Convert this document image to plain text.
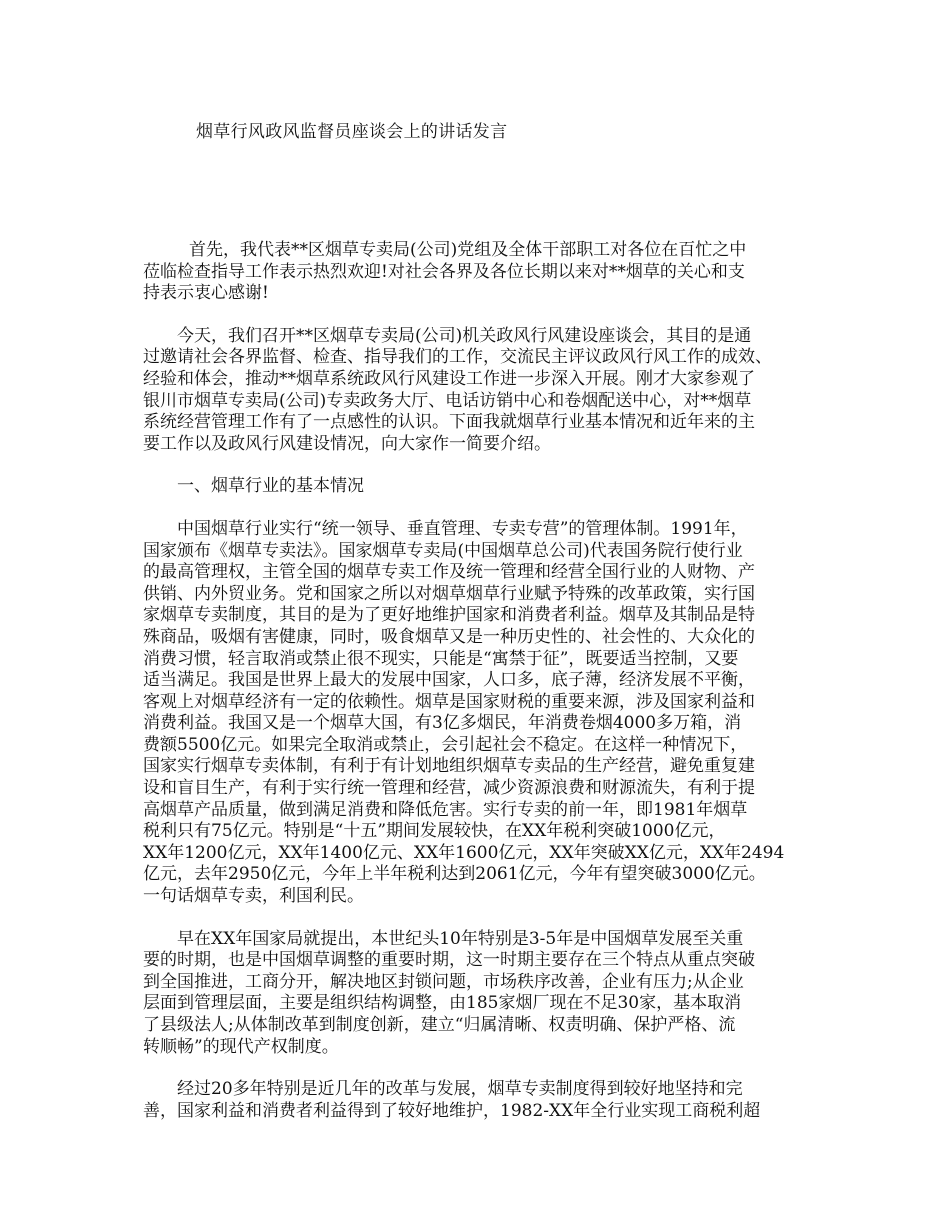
烟草行风政风监督员座谈会上的讲话发言

首先，我代表**区烟草专卖局(公司)党组及全体干部职工对各位在百忙之中
莅临检查指导工作表示热烈欢迎!对社会各界及各位长期以来对**烟草的关心和支
持表示衷心感谢!

今天，我们召开**区烟草专卖局(公司)机关政风行风建设座谈会，其目的是通
过邀请社会各界监督、检查、指导我们的工作，交流民主评议政风行风工作的成效、
经验和体会，推动**烟草系统政风行风建设工作进一步深入开展。刚才大家参观了
银川市烟草专卖局(公司)专卖政务大厅、电话访销中心和卷烟配送中心，对**烟草
系统经营管理工作有了一点感性的认识。下面我就烟草行业基本情况和近年来的主
要工作以及政风行风建设情况，向大家作一简要介绍。

一、烟草行业的基本情况

中国烟草行业实行“统一领导、垂直管理、专卖专营”的管理体制。1991年，
国家颁布《烟草专卖法》。国家烟草专卖局(中国烟草总公司)代表国务院行使行业
的最高管理权，主管全国的烟草专卖工作及统一管理和经营全国行业的人财物、产
供销、内外贸业务。党和国家之所以对烟草烟草行业赋予特殊的改革政策，实行国
家烟草专卖制度，其目的是为了更好地维护国家和消费者利益。烟草及其制品是特
殊商品，吸烟有害健康，同时，吸食烟草又是一种历史性的、社会性的、大众化的
消费习惯，轻言取消或禁止很不现实，只能是“寓禁于征”，既要适当控制，又要
适当满足。我国是世界上最大的发展中国家，人口多，底子薄，经济发展不平衡，
客观上对烟草经济有一定的依赖性。烟草是国家财税的重要来源，涉及国家利益和
消费利益。我国又是一个烟草大国，有3亿多烟民，年消费卷烟4000多万箱，消
费额5500亿元。如果完全取消或禁止，会引起社会不稳定。在这样一种情况下，
国家实行烟草专卖体制，有利于有计划地组织烟草专卖品的生产经营，避免重复建
设和盲目生产，有利于实行统一管理和经营，减少资源浪费和财源流失，有利于提
高烟草产品质量，做到满足消费和降低危害。实行专卖的前一年，即1981年烟草
税利只有75亿元。特别是“十五”期间发展较快，在XX年税利突破1000亿元，
XX年1200亿元，XX年1400亿元、XX年1600亿元，XX年突破XX亿元，XX年2494
亿元，去年2950亿元，今年上半年税利达到2061亿元，今年有望突破3000亿元。
一句话烟草专卖，利国利民。

早在XX年国家局就提出，本世纪头10年特别是3-5年是中国烟草发展至关重
要的时期，也是中国烟草调整的重要时期，这一时期主要存在三个特点从重点突破
到全国推进，工商分开，解决地区封锁问题，市场秩序改善，企业有压力;从企业
层面到管理层面，主要是组织结构调整，由185家烟厂现在不足30家，基本取消
了县级法人;从体制改革到制度创新，建立“归属清晰、权责明确、保护严格、流
转顺畅”的现代产权制度。

经过20多年特别是近几年的改革与发展，烟草专卖制度得到较好地坚持和完
善，国家利益和消费者利益得到了较好地维护，1982-XX年全行业实现工商税利超
